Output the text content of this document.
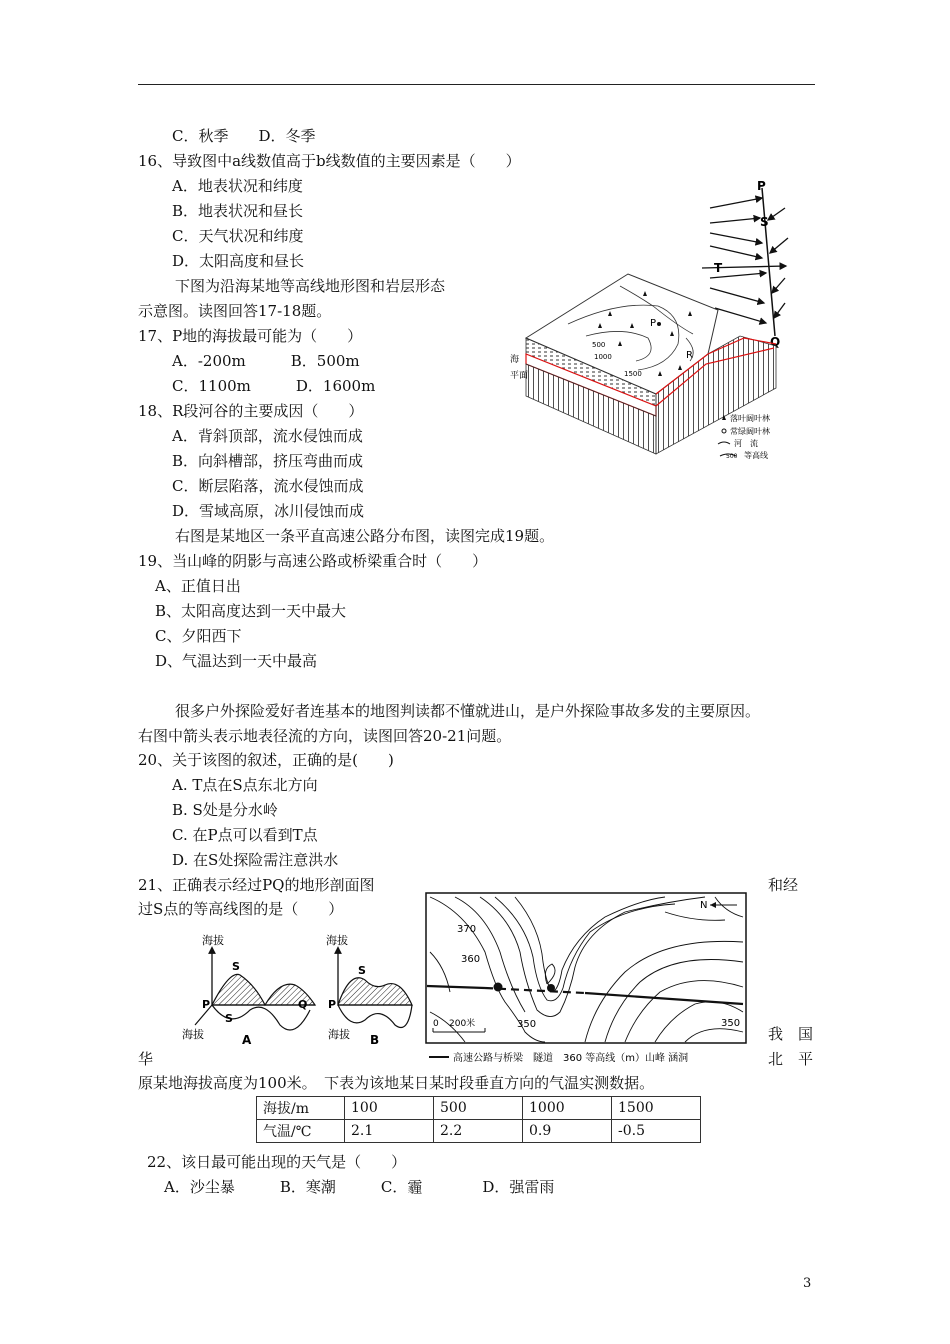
C．秋季　　D．冬季
16、导致图中a线数值高于b线数值的主要因素是（　　）
A．地表状况和纬度
B．地表状况和昼长
C．天气状况和纬度
D．太阳高度和昼长
下图为沿海某地等高线地形图和岩层形态
示意图。读图回答17-18题。
17、P地的海拔最可能为（　　）
A．-200m　　　B．500m
C．1100m　　　D．1600m
18、R段河谷的主要成因（　　）
A．背斜顶部，流水侵蚀而成
B．向斜槽部，挤压弯曲而成
C．断层陷落，流水侵蚀而成
D．雪域高原，冰川侵蚀而成
右图是某地区一条平直高速公路分布图，读图完成19题。
19、当山峰的阴影与高速公路或桥梁重合时（　　）
A、正值日出
B、太阳高度达到一天中最大
C、夕阳西下
D、气温达到一天中最高
很多户外探险爱好者连基本的地图判读都不懂就进山，是户外探险事故多发的主要原因。
右图中箭头表示地表径流的方向，读图回答20-21问题。
20、关于该图的叙述，正确的是(　　)
A. T点在S点东北方向
B. S处是分水岭
C. 在P点可以看到T点
D. 在S处探险需注意洪水
21、正确表示经过PQ的地形剖面图	和经
过S点的等高线图的是（　　）
我　国
华	北　平
原某地海拔高度为100米。　下表为该地某日某时段垂直方向的气温实测数据。
22、该日最可能出现的天气是（　　）
A．沙尘暴　　　B．寒潮　　　C．霾　　　　D．强雷雨
海拔/m	100	500	1000	1500
气温/℃	2.1	2.2	0.9	-0.5
P
S
T
Q
P
R
海
平面
500
1000
1500
落叶阔叶林
常绿阔叶林
河　流
500 等高线
海拔
P
S
S
Q
海拔	A
海拔
P
S
海拔 B
370
360
350	350
N
0 200米
高速公路与桥梁　隧道　360 等高线（m）山峰 涵洞
3
